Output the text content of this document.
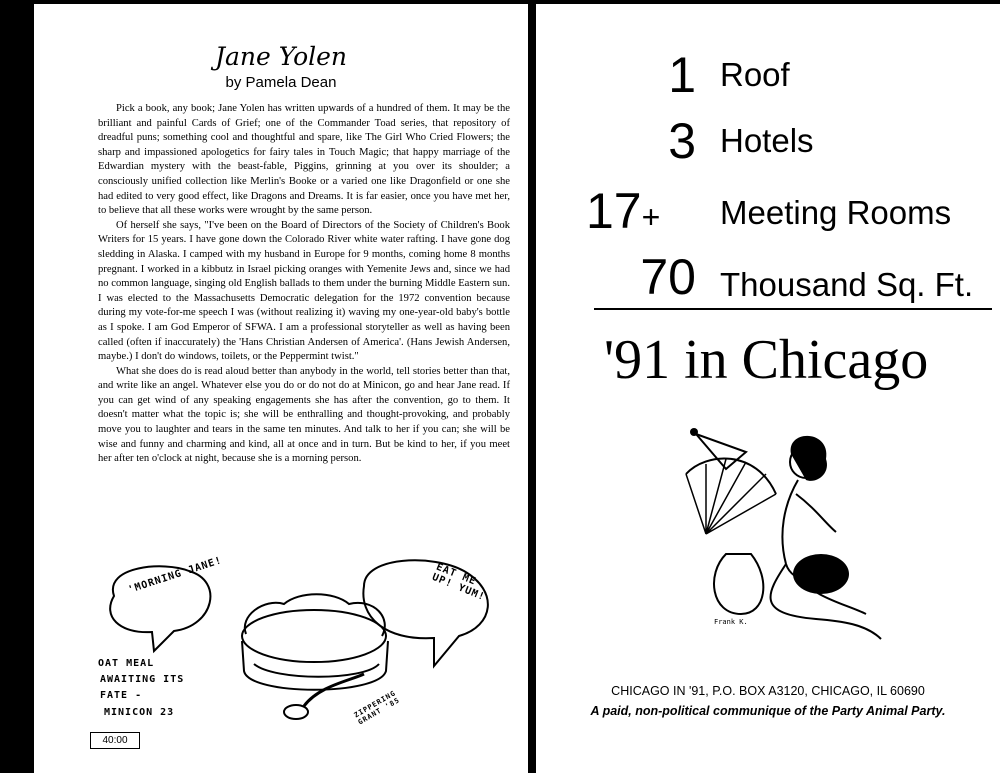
Jane Yolen
by Pamela Dean

Pick a book, any book; Jane Yolen has written upwards of a hundred of them. It may be the brilliant and painful Cards of Grief; one of the Commander Toad series, that repository of dreadful puns; something cool and thoughtful and spare, like The Girl Who Cried Flowers; the sharp and impassioned apologetics for fairy tales in Touch Magic; that happy marriage of the Edwardian mystery with the beast-fable, Piggins, grinning at you over its shoulder; a consciously unified collection like Merlin's Booke or a varied one like Dragonfield or one she had edited to very good effect, like Dragons and Dreams. It is far easier, once you have met her, to believe that all these works were wrought by the same person.

Of herself she says, "I've been on the Board of Directors of the Society of Children's Book Writers for 15 years. I have gone down the Colorado River white water rafting. I have gone dog sledding in Alaska. I camped with my husband in Europe for 9 months, coming home 8 months pregnant. I worked in a kibbutz in Israel picking oranges with Yemenite Jews and, since we had no common language, singing old English ballads to them under the burning Middle Eastern sun. I was elected to the Massachusetts Democratic delegation for the 1972 convention because during my vote-for-me speech I was (without realizing it) waving my one-year-old baby's bottle as I spoke. I am God Emperor of SFWA. I am a professional storyteller as well as having been called (often if inaccurately) the 'Hans Christian Andersen of America'. (Hans Jewish Andersen, maybe.) I don't do windows, toilets, or the Peppermint twist."

What she does do is read aloud better than anybody in the world, tell stories better than that, and write like an angel. Whatever else you do or do not do at Minicon, go and hear Jane read. If you can get wind of any speaking engagements she has after the convention, go to them. It doesn't matter what the topic is; she will be enthralling and thought-provoking, and probably move you to laughter and tears in the same ten minutes. And talk to her if you can; she will be wise and funny and charming and kind, all at once and in turn. But be kind to her, if you meet her after ten o'clock at night, because she is a morning person.

'MORNING JANE!	EAT ME UP! YUM!
OAT MEAL
AWAITING ITS
FATE -
MINICON 23	ZIPPERING GRANT '85
40:00
1 Roof
3 Hotels
17+	Meeting Rooms
70 Thousand Sq. Ft.
'91 in Chicago
Frank K.
CHICAGO IN '91, P.O. BOX A3120, CHICAGO, IL 60690
A paid, non-political communique of the Party Animal Party.
